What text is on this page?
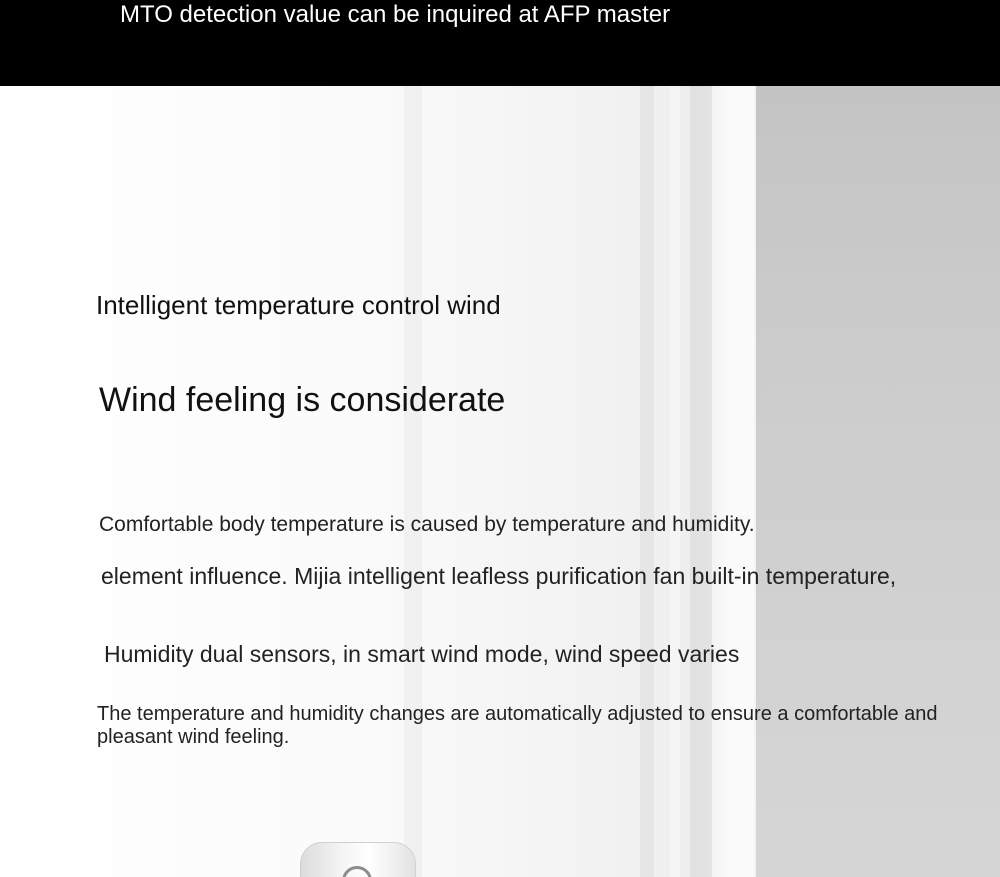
MTO detection value can be inquired at AFP master
Intelligent temperature control wind
Wind feeling is considerate
Comfortable body temperature is caused by temperature and humidity.
element influence. Mijia intelligent leafless purification fan built-in temperature,
Humidity dual sensors, in smart wind mode, wind speed varies
The temperature and humidity changes are automatically adjusted to ensure a comfortable and pleasant wind feeling.
